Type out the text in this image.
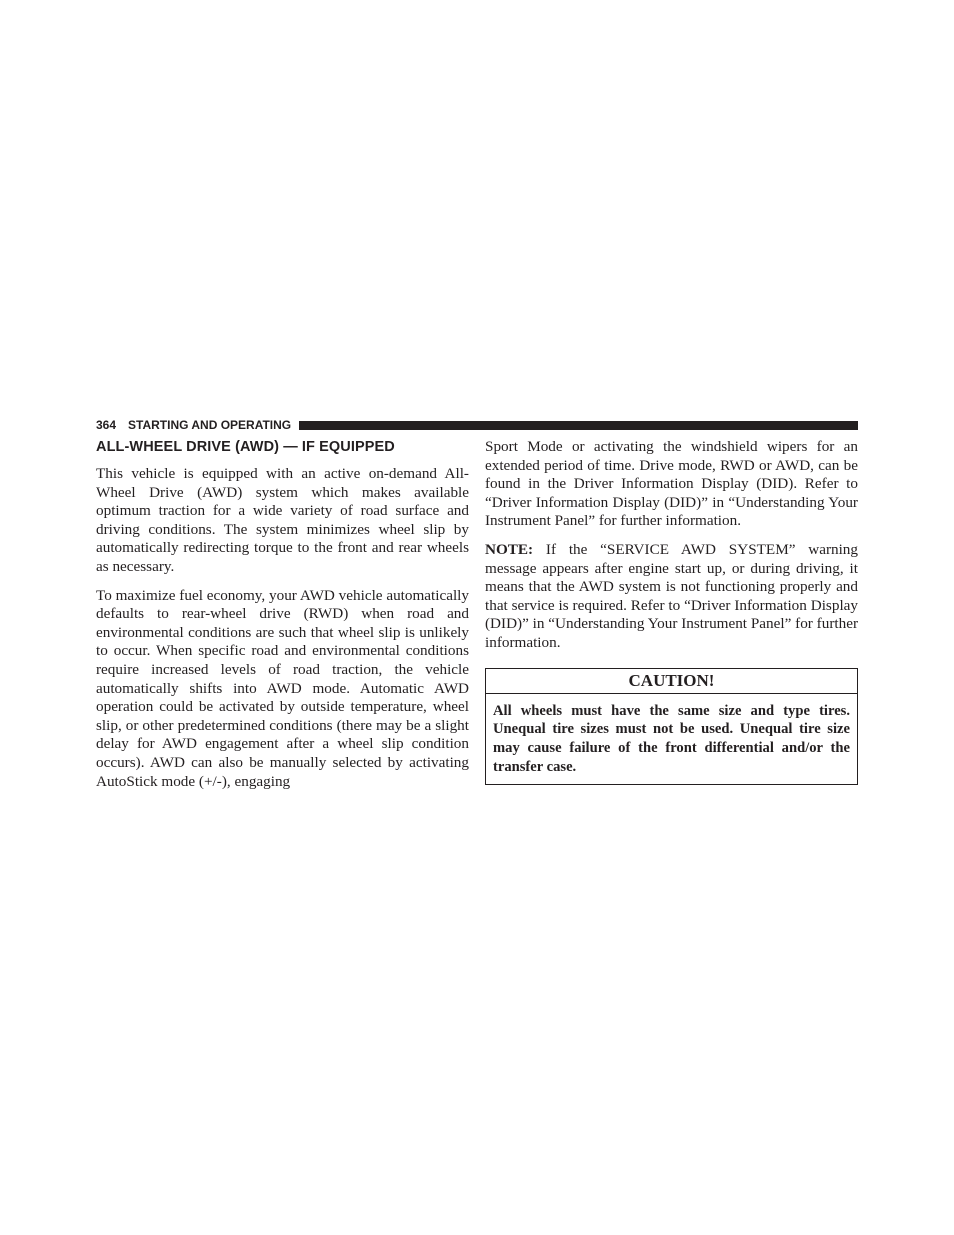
364 STARTING AND OPERATING
ALL-WHEEL DRIVE (AWD) — IF EQUIPPED

This vehicle is equipped with an active on-demand All-Wheel Drive (AWD) system which makes available optimum traction for a wide variety of road surface and driving conditions. The system minimizes wheel slip by automatically redirecting torque to the front and rear wheels as necessary.

To maximize fuel economy, your AWD vehicle automatically defaults to rear-wheel drive (RWD) when road and environmental conditions are such that wheel slip is unlikely to occur. When specific road and environmental conditions require increased levels of road traction, the vehicle automatically shifts into AWD mode. Automatic AWD operation could be activated by outside temperature, wheel slip, or other predetermined conditions (there may be a slight delay for AWD engagement after a wheel slip condition occurs). AWD can also be manually selected by activating AutoStick mode (+/-), engaging

Sport Mode or activating the windshield wipers for an extended period of time. Drive mode, RWD or AWD, can be found in the Driver Information Display (DID). Refer to “Driver Information Display (DID)” in “Understanding Your Instrument Panel” for further information.

NOTE: If the “SERVICE AWD SYSTEM” warning message appears after engine start up, or during driving, it means that the AWD system is not functioning properly and that service is required. Refer to “Driver Information Display (DID)” in “Understanding Your Instrument Panel” for further information.

CAUTION!
All wheels must have the same size and type tires. Unequal tire sizes must not be used. Unequal tire size may cause failure of the front differential and/or the transfer case.
